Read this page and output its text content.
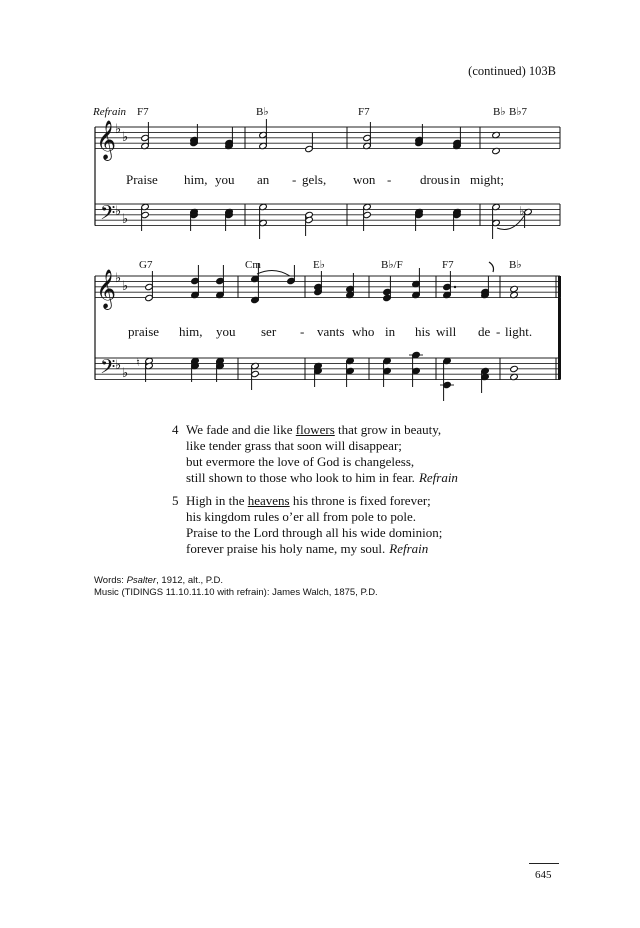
(continued) 103B
𝄞
𝄢
♭
♭
♭
♭
𝄞
𝄢
♭
♭
♭
♭
Refrain F7	B♭	F7	B♭ B♭7
G7	Cm	E♭	B♭/F	F7	B♭
Praise him, you an - gels, won - drous in might;
praise him, you ser - vants who in his will de - light.
♭
♮
4 We fade and die like flowers that grow in beauty,
like tender grass that soon will disappear;
but evermore the love of God is changeless,
still shown to those who look to him in fear. Refrain
5 High in the heavens his throne is fixed forever;
his kingdom rules o’er all from pole to pole.
Praise to the Lord through all his wide dominion;
forever praise his holy name, my soul. Refrain
Words: Psalter, 1912, alt., P.D.
Music (TIDINGS 11.10.11.10 with refrain): James Walch, 1875, P.D.
645
